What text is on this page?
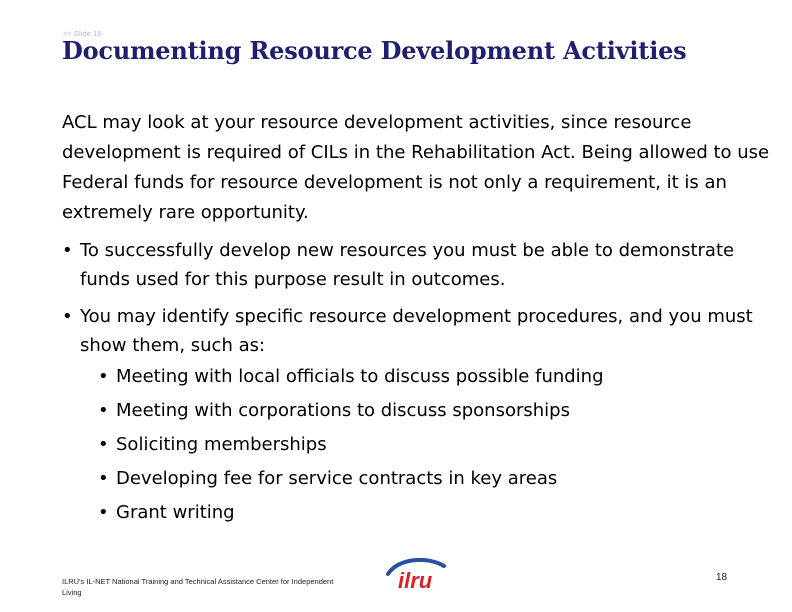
<< Slide 18
Documenting Resource Development Activities

ACL may look at your resource development activities, since resource development is required of CILs in the Rehabilitation Act. Being allowed to use Federal funds for resource development is not only a requirement, it is an extremely rare opportunity.

• To successfully develop new resources you must be able to demonstrate funds used for this purpose result in outcomes.
• You may identify specific resource development procedures, and you must show them, such as:
• Meeting with local officials to discuss possible funding
• Meeting with corporations to discuss sponsorships
• Soliciting memberships
• Developing fee for service contracts in key areas
• Grant writing
ILRU's IL-NET National Training and Technical Assistance Center for Independent Living	ilru	18
